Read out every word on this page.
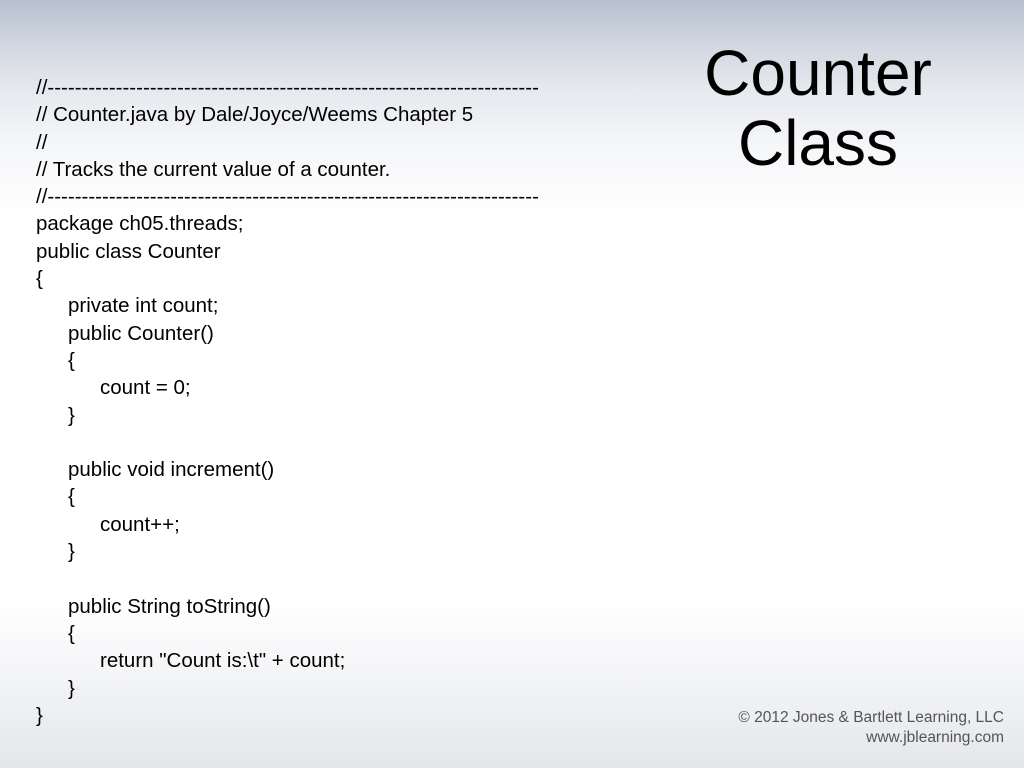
Counter
Class
//------------------------------------------------------------------------
// Counter.java by Dale/Joyce/Weems Chapter 5
//
// Tracks the current value of a counter.
//------------------------------------------------------------------------
package ch05.threads;
public class Counter
{
private int count;
public Counter()
{
count = 0;
}
public void increment()
{
count++;
}
public String toString()
{
return "Count is:\t" + count;
}
}	© 2012 Jones & Bartlett Learning, LLC
www.jblearning.com
